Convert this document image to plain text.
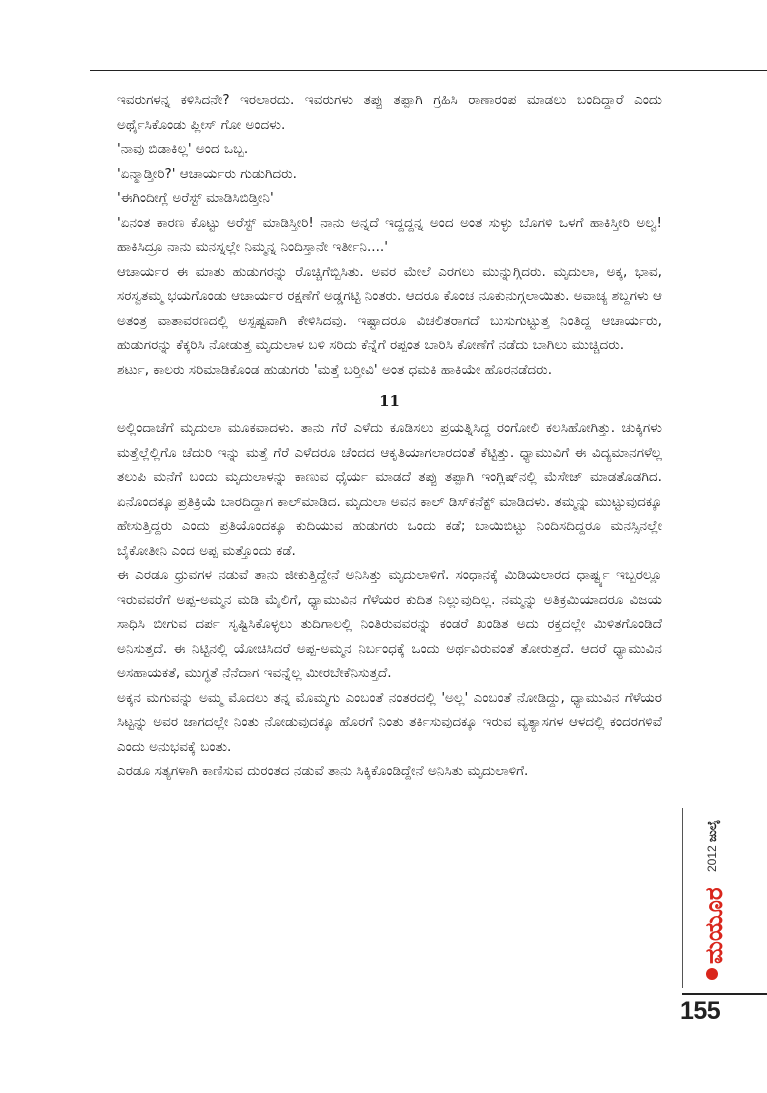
ಇವರುಗಳನ್ನ ಕಳಿಸಿದನೇ? ಇರಲಾರದು. ಇವರುಗಳು ತಪ್ಪು ತಪ್ಪಾಗಿ ಗ್ರಹಿಸಿ ರಾಣಾರಂಪ ಮಾಡಲು ಬಂದಿದ್ದಾರೆ ಎಂದು ಅರ್ಥೈಸಿಕೊಂಡು ಪ್ಲೀಸ್ ಗೋ ಅಂದಳು.

'ನಾವು ಬಿಡಾಕಿಲ್ಲ' ಅಂದ ಒಬ್ಬ.

'ಏನ್ಮಾಡ್ತೀರಿ?' ಆಚಾರ್ಯರು ಗುಡುಗಿದರು.

'ಈಗಿಂದೀಗ್ಲೆ ಅರೆಸ್ಟ್ ಮಾಡಿಸಿಬಿಡ್ತೀನಿ'

'ಏನಂತ ಕಾರಣ ಕೊಟ್ಟು ಅರೆಸ್ಟ್ ಮಾಡಿಸ್ತೀರಿ! ನಾನು ಅನ್ನದೆ ಇದ್ದದ್ದನ್ನ ಅಂದ ಅಂತ ಸುಳ್ಳು ಬೊಗಳಿ ಒಳಗೆ ಹಾಕಿಸ್ತೀರಿ ಅಲ್ವ! ಹಾಕಿಸಿದ್ರೂ ನಾನು ಮನಸ್ನಲ್ಲೇ ನಿಮ್ಮನ್ನ ನಿಂದಿಸ್ತಾನೇ ಇರ್ತೀನಿ....'

ಆಚಾರ್ಯರ ಈ ಮಾತು ಹುಡುಗರನ್ನು ರೊಚ್ಚಿಗೆಬ್ಬಿಸಿತು. ಅವರ ಮೇಲೆ ಎರಗಲು ಮುನ್ನುಗ್ಗಿದರು. ಮೃದುಲಾ, ಅಕ್ಕ, ಭಾವ, ಸರಸ್ವತಮ್ಮ ಭಯಗೊಂಡು ಆಚಾರ್ಯರ ರಕ್ಷಣೆಗೆ ಅಡ್ಡಗಟ್ಟಿ ನಿಂತರು. ಆದರೂ ಕೊಂಚ ನೂಕುನುಗ್ಗಲಾಯಿತು. ಅವಾಚ್ಯ ಶಬ್ದಗಳು ಆ ಅತಂತ್ರ ವಾತಾವರಣದಲ್ಲಿ ಅಸ್ಪಷ್ಟವಾಗಿ ಕೇಳಿಸಿದವು. ಇಷ್ಟಾದರೂ ವಿಚಲಿತರಾಗದೆ ಬುಸುಗುಟ್ಟುತ್ತ ನಿಂತಿದ್ದ ಆಚಾರ್ಯರು, ಹುಡುಗರನ್ನು ಕೆಕ್ಕರಿಸಿ ನೋಡುತ್ತ ಮೃದುಲಾಳ ಬಳಿ ಸರಿದು ಕೆನ್ನೆಗೆ ರಪ್ಪಂತ ಬಾರಿಸಿ ಕೋಣೆಗೆ ನಡೆದು ಬಾಗಿಲು ಮುಚ್ಚಿದರು.

ಶರ್ಟು, ಕಾಲರು ಸರಿಮಾಡಿಕೊಂಡ ಹುಡುಗರು 'ಮತ್ತೆ ಬರ್‍ತೀವಿ' ಅಂತ ಧಮಕಿ ಹಾಕಿಯೇ ಹೊರನಡೆದರು.

11

ಅಲ್ಲಿಂದಾಚೆಗೆ ಮೃದುಲಾ ಮೂಕವಾದಳು. ತಾನು ಗೆರೆ ಎಳೆದು ಕೂಡಿಸಲು ಪ್ರಯತ್ನಿಸಿದ್ದ ರಂಗೋಲಿ ಕಲಸಿಹೋಗಿತ್ತು. ಚುಕ್ಕಿಗಳು ಮತ್ತೆಲ್ಲೆಲ್ಲಿಗೊ ಚೆದುರಿ ಇನ್ನು ಮತ್ತೆ ಗೆರೆ ಎಳೆದರೂ ಚೆಂದದ ಆಕೃತಿಯಾಗಲಾರದಂತೆ ಕೆಟ್ಟಿತ್ತು. ಧ್ಯಾಮುವಿಗೆ ಈ ವಿದ್ಯಮಾನಗಳೆಲ್ಲ ತಲುಪಿ ಮನೆಗೆ ಬಂದು ಮೃದುಲಾಳನ್ನು ಕಾಣುವ ಧೈರ್ಯ ಮಾಡದೆ ತಪ್ಪು ತಪ್ಪಾಗಿ ಇಂಗ್ಲಿಷ್‌ನಲ್ಲಿ ಮೆಸೇಜ್ ಮಾಡತೊಡಗಿದ. ಏನೊಂದಕ್ಕೂ ಪ್ರತಿಕ್ರಿಯೆ ಬಾರದಿದ್ದಾಗ ಕಾಲ್‌ಮಾಡಿದ. ಮೃದುಲಾ ಅವನ ಕಾಲ್ ಡಿಸ್‌ಕನೆಕ್ಟ್ ಮಾಡಿದಳು. ತಮ್ಮನ್ನು ಮುಟ್ಟುವುದಕ್ಕೂ ಹೇಸುತ್ತಿದ್ದರು ಎಂದು ಪ್ರತಿಯೊಂದಕ್ಕೂ ಕುದಿಯುವ ಹುಡುಗರು ಒಂದು ಕಡೆ; ಬಾಯಿಬಿಟ್ಟು ನಿಂದಿಸದಿದ್ದರೂ ಮನಸ್ಸಿನಲ್ಲೇ ಬೈಕೋತೀನಿ ಎಂದ ಅಪ್ಪ ಮತ್ತೊಂದು ಕಡೆ.

ಈ ಎರಡೂ ಧ್ರುವಗಳ ನಡುವೆ ತಾನು ಜೀಕುತ್ತಿದ್ದೇನೆ ಅನಿಸಿತ್ತು ಮೃದುಲಾಳಿಗೆ. ಸಂಧಾನಕ್ಕೆ ಮಿಡಿಯಲಾರದ ಧಾರ್ಷ್ಟ್ಯ ಇಬ್ಬರಲ್ಲೂ ಇರುವವರೆಗೆ ಅಪ್ಪ-ಅಮ್ಮನ ಮಡಿ ಮೈಲಿಗೆ, ಧ್ಯಾಮುವಿನ ಗೆಳೆಯರ ಕುದಿತ ನಿಲ್ಲುವುದಿಲ್ಲ. ನಮ್ಮನ್ನು ಅತಿಕ್ರಮಿಯಾದರೂ ವಿಜಯ ಸಾಧಿಸಿ ಬೀಗುವ ದರ್ಪ ಸೃಷ್ಟಿಸಿಕೊಳ್ಳಲು ತುದಿಗಾಲಲ್ಲಿ ನಿಂತಿರುವವರನ್ನು ಕಂಡರೆ ಖಂಡಿತ ಅದು ರಕ್ತದಲ್ಲೇ ಮಿಳಿತಗೊಂಡಿದೆ ಅನಿಸುತ್ತದೆ. ಈ ನಿಟ್ಟಿನಲ್ಲಿ ಯೋಚಿಸಿದರೆ ಅಪ್ಪ-ಅಮ್ಮನ ನಿರ್ಬಂಧಕ್ಕೆ ಒಂದು ಅರ್ಥವಿರುವಂತೆ ತೋರುತ್ತದೆ. ಆದರೆ ಧ್ಯಾಮುವಿನ ಅಸಹಾಯಕತೆ, ಮುಗ್ಧತೆ ನೆನೆದಾಗ ಇವನ್ನೆಲ್ಲ ಮೀರಬೇಕೆನಿಸುತ್ತದೆ.

ಅಕ್ಕನ ಮಗುವನ್ನು ಅಮ್ಮ ಮೊದಲು ತನ್ನ ಮೊಮ್ಮಗು ಎಂಬಂತೆ ನಂತರದಲ್ಲಿ 'ಅಲ್ಲ' ಎಂಬಂತೆ ನೋಡಿದ್ದು, ಧ್ಯಾಮುವಿನ ಗೆಳೆಯರ ಸಿಟ್ಟನ್ನು ಅವರ ಜಾಗದಲ್ಲೇ ನಿಂತು ನೋಡುವುದಕ್ಕೂ ಹೊರಗೆ ನಿಂತು ತರ್ಕಿಸುವುದಕ್ಕೂ ಇರುವ ವ್ಯತ್ಯಾಸಗಳ ಆಳದಲ್ಲಿ ಕಂದರಗಳಿವೆ ಎಂದು ಅನುಭವಕ್ಕೆ ಬಂತು.

ಎರಡೂ ಸತ್ಯಗಳಾಗಿ ಕಾಣಿಸುವ ದುರಂತದ ನಡುವೆ ತಾನು ಸಿಕ್ಕಿಕೊಂಡಿದ್ದೇನೆ ಅನಿಸಿತು ಮೃದುಲಾಳಿಗೆ.

2012
ಜುಲೈ
ಮಯೂರ
155
